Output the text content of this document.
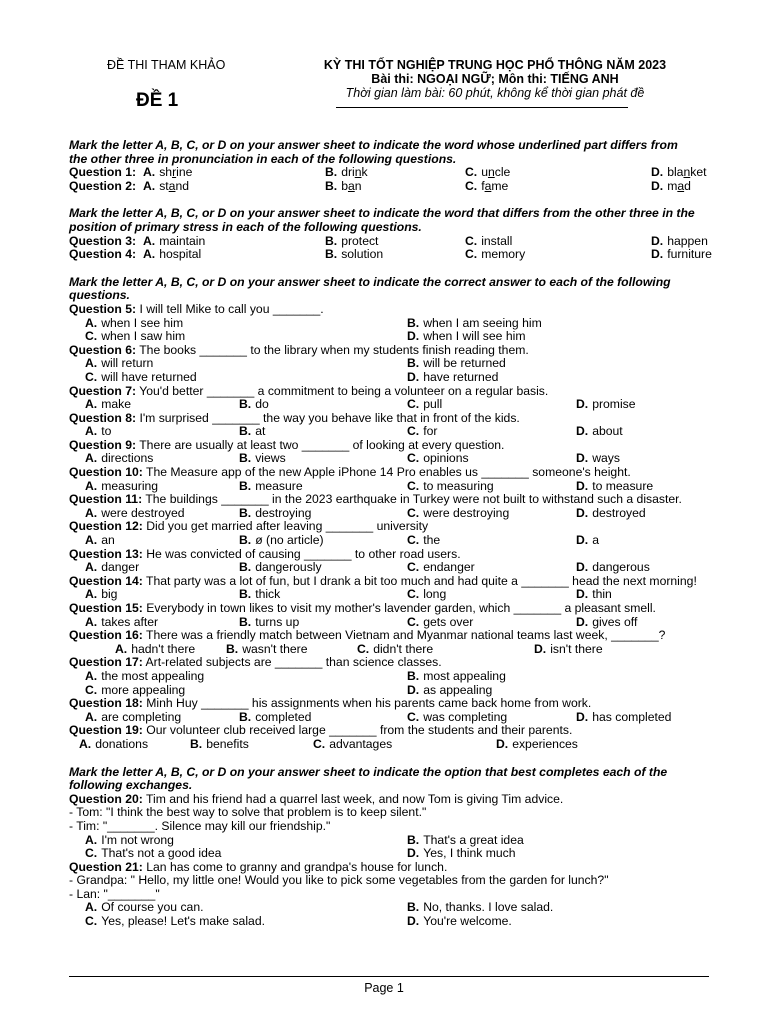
ĐỀ THI THAM KHẢO
ĐỀ 1
KỲ THI TỐT NGHIỆP TRUNG HỌC PHỔ THÔNG NĂM 2023
Bài thi: NGOẠI NGỮ; Môn thi: TIẾNG ANH
Thời gian làm bài: 60 phút, không kể thời gian phát đề
Mark the letter A, B, C, or D on your answer sheet to indicate the word whose underlined part differs from the other three in pronunciation in each of the following questions.
Question 1: A. shrine	B. drink	C. uncle	D. blanket
Question 2: A. stand	B. ban	C. fame	D. mad
Mark the letter A, B, C, or D on your answer sheet to indicate the word that differs from the other three in the position of primary stress in each of the following questions.
Question 3: A. maintain	B. protect	C. install	D. happen
Question 4: A. hospital	B. solution	C. memory	D. furniture
Mark the letter A, B, C, or D on your answer sheet to indicate the correct answer to each of the following questions.
Question 5: I will tell Mike to call you _______.
A. when I see him	B. when I am seeing him
C. when I saw him	D. when I will see him
Question 6: The books _______ to the library when my students finish reading them.
A. will return	B. will be returned
C. will have returned	D. have returned
Question 7: You'd better _______ a commitment to being a volunteer on a regular basis.
A. make	B. do	C. pull	D. promise
Question 8: I'm surprised _______ the way you behave like that in front of the kids.
A. to	B. at	C. for	D. about
Question 9: There are usually at least two _______ of looking at every question.
A. directions	B. views	C. opinions	D. ways
Question 10: The Measure app of the new Apple iPhone 14 Pro enables us _______ someone's height.
A. measuring	B. measure	C. to measuring	D. to measure
Question 11: The buildings _______ in the 2023 earthquake in Turkey were not built to withstand such a disaster.
A. were destroyed	B. destroying	C. were destroying	D. destroyed
Question 12: Did you get married after leaving _______ university
A. an	B. ø (no article)	C. the	D. a
Question 13: He was convicted of causing _______ to other road users.
A. danger	B. dangerously	C. endanger	D. dangerous
Question 14: That party was a lot of fun, but I drank a bit too much and had quite a _______ head the next morning!
A. big	B. thick	C. long	D. thin
Question 15: Everybody in town likes to visit my mother's lavender garden, which _______ a pleasant smell.
A. takes after	B. turns up	C. gets over	D. gives off
Question 16: There was a friendly match between Vietnam and Myanmar national teams last week, _______?
A. hadn't there	B. wasn't there	C. didn't there	D. isn't there
Question 17: Art-related subjects are _______ than science classes.
A. the most appealing	B. most appealing
C. more appealing	D. as appealing
Question 18: Minh Huy _______ his assignments when his parents came back home from work.
A. are completing	B. completed	C. was completing	D. has completed
Question 19: Our volunteer club received large _______ from the students and their parents.
A. donations	B. benefits	C. advantages	D. experiences
Mark the letter A, B, C, or D on your answer sheet to indicate the option that best completes each of the following exchanges.
Question 20: Tim and his friend had a quarrel last week, and now Tom is giving Tim advice.
- Tom: "I think the best way to solve that problem is to keep silent."
- Tim: "_______. Silence may kill our friendship."
A. I'm not wrong	B. That's a great idea
C. That's not a good idea	D. Yes, I think much
Question 21: Lan has come to granny and grandpa's house for lunch.
- Grandpa: " Hello, my little one! Would you like to pick some vegetables from the garden for lunch?"
- Lan: "_______"
A. Of course you can.	B. No, thanks. I love salad.
C. Yes, please! Let's make salad.	D. You're welcome.
Page 1
